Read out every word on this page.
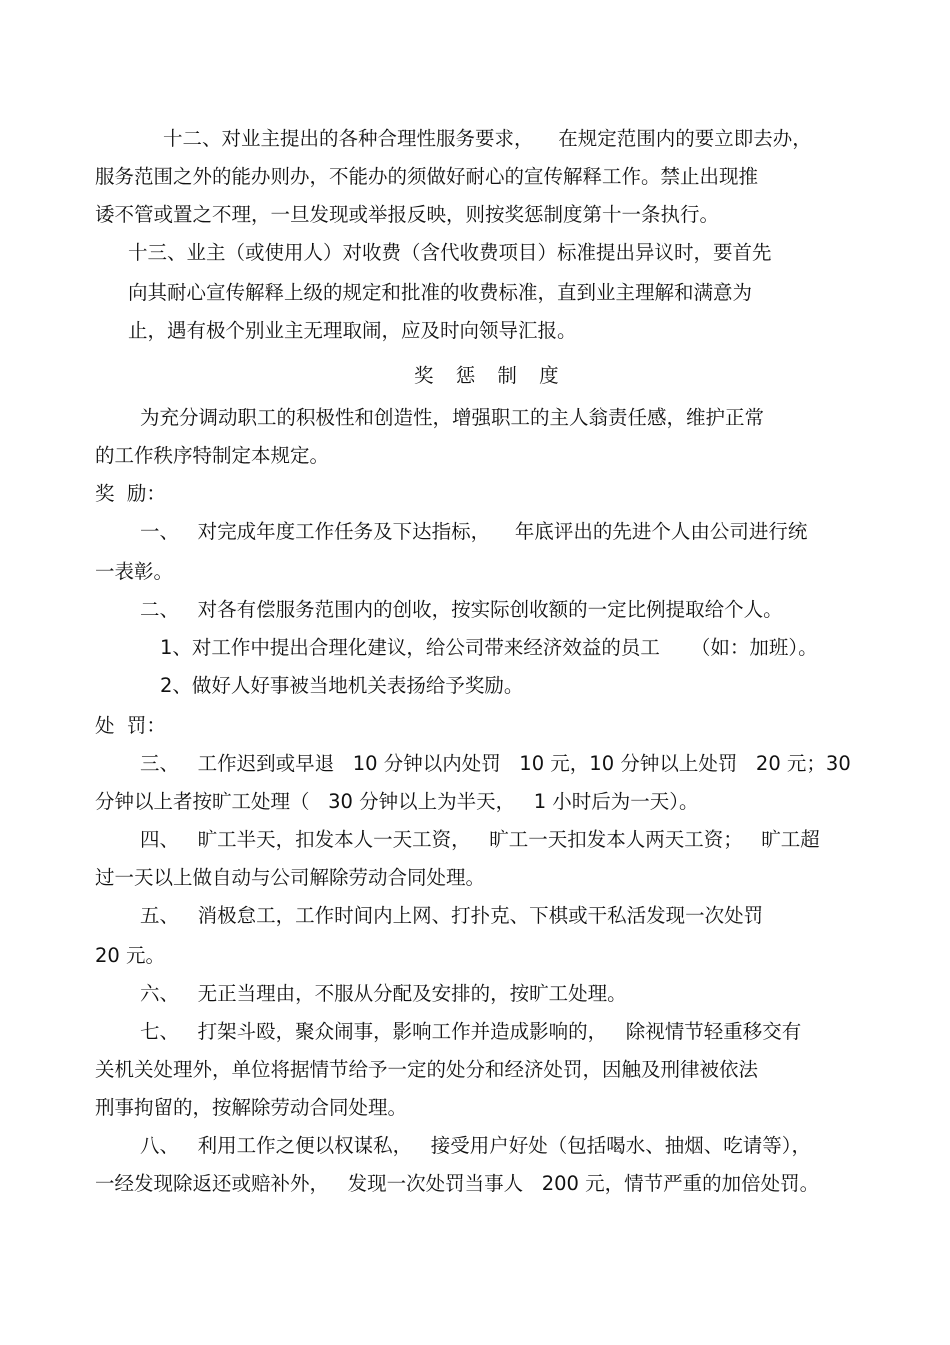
十二、对业主提出的各种合理性服务要求，    在规定范围内的要立即去办，
服务范围之外的能办则办，不能办的须做好耐心的宣传解释工作。禁止出现推
诿不管或置之不理，一旦发现或举报反映，则按奖惩制度第十一条执行。
十三、业主（或使用人）对收费（含代收费项目）标准提出异议时，要首先
向其耐心宣传解释上级的规定和批准的收费标准，直到业主理解和满意为
止，遇有极个别业主无理取闹，应及时向领导汇报。
奖 惩 制 度
为充分调动职工的积极性和创造性，增强职工的主人翁责任感，维护正常
的工作秩序特制定本规定。
奖  励：
一、   对完成年度工作任务及下达指标，    年底评出的先进个人由公司进行统
一表彰。
二、   对各有偿服务范围内的创收，按实际创收额的一定比例提取给个人。
1、对工作中提出合理化建议，给公司带来经济效益的员工     （如：加班）。
2、做好人好事被当地机关表扬给予奖励。
处  罚：
三、   工作迟到或早退   10 分钟以内处罚   10 元，10 分钟以上处罚   20 元；30
分钟以上者按旷工处理（   30 分钟以上为半天，   1 小时后为一天）。
四、   旷工半天，扣发本人一天工资，   旷工一天扣发本人两天工资；   旷工超
过一天以上做自动与公司解除劳动合同处理。
五、   消极怠工，工作时间内上网、打扑克、下棋或干私活发现一次处罚
20 元。
六、   无正当理由，不服从分配及安排的，按旷工处理。
七、   打架斗殴，聚众闹事，影响工作并造成影响的，   除视情节轻重移交有
关机关处理外，单位将据情节给予一定的处分和经济处罚，因触及刑律被依法
刑事拘留的，按解除劳动合同处理。
八、   利用工作之便以权谋私，   接受用户好处（包括喝水、抽烟、吃请等），
一经发现除返还或赔补外，   发现一次处罚当事人   200 元，情节严重的加倍处罚。
